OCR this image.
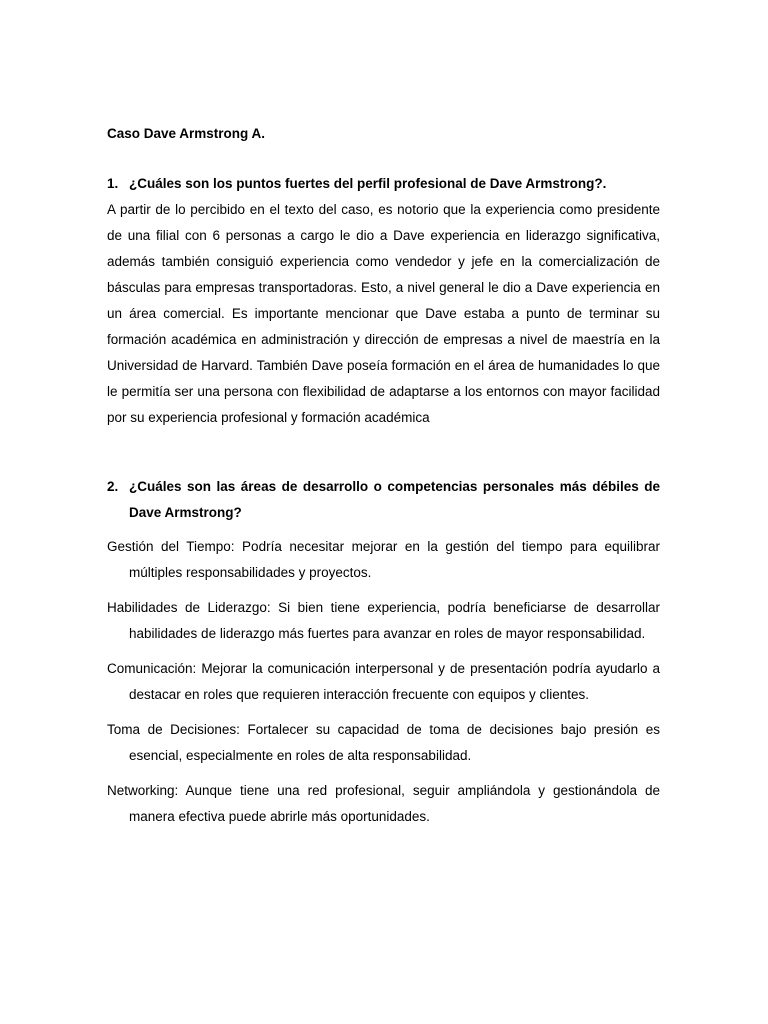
Caso Dave Armstrong A.

1. ¿Cuáles son los puntos fuertes del perfil profesional de Dave Armstrong?.

A partir de lo percibido en el texto del caso, es notorio que la experiencia como presidente de una filial con 6 personas a cargo le dio a Dave experiencia en liderazgo significativa, además también consiguió experiencia como vendedor y jefe en la comercialización de básculas para empresas transportadoras. Esto, a nivel general le dio a Dave experiencia en un área comercial. Es importante mencionar que Dave estaba a punto de terminar su formación académica en administración y dirección de empresas a nivel de maestría en la Universidad de Harvard. También Dave poseía formación en el área de humanidades lo que le permitía ser una persona con flexibilidad de adaptarse a los entornos con mayor facilidad por su experiencia profesional y formación académica

2. ¿Cuáles son las áreas de desarrollo o competencias personales más débiles de Dave Armstrong?

Gestión del Tiempo: Podría necesitar mejorar en la gestión del tiempo para equilibrar múltiples responsabilidades y proyectos.

Habilidades de Liderazgo: Si bien tiene experiencia, podría beneficiarse de desarrollar habilidades de liderazgo más fuertes para avanzar en roles de mayor responsabilidad.

Comunicación: Mejorar la comunicación interpersonal y de presentación podría ayudarlo a destacar en roles que requieren interacción frecuente con equipos y clientes.

Toma de Decisiones: Fortalecer su capacidad de toma de decisiones bajo presión es esencial, especialmente en roles de alta responsabilidad.

Networking: Aunque tiene una red profesional, seguir ampliándola y gestionándola de manera efectiva puede abrirle más oportunidades.
